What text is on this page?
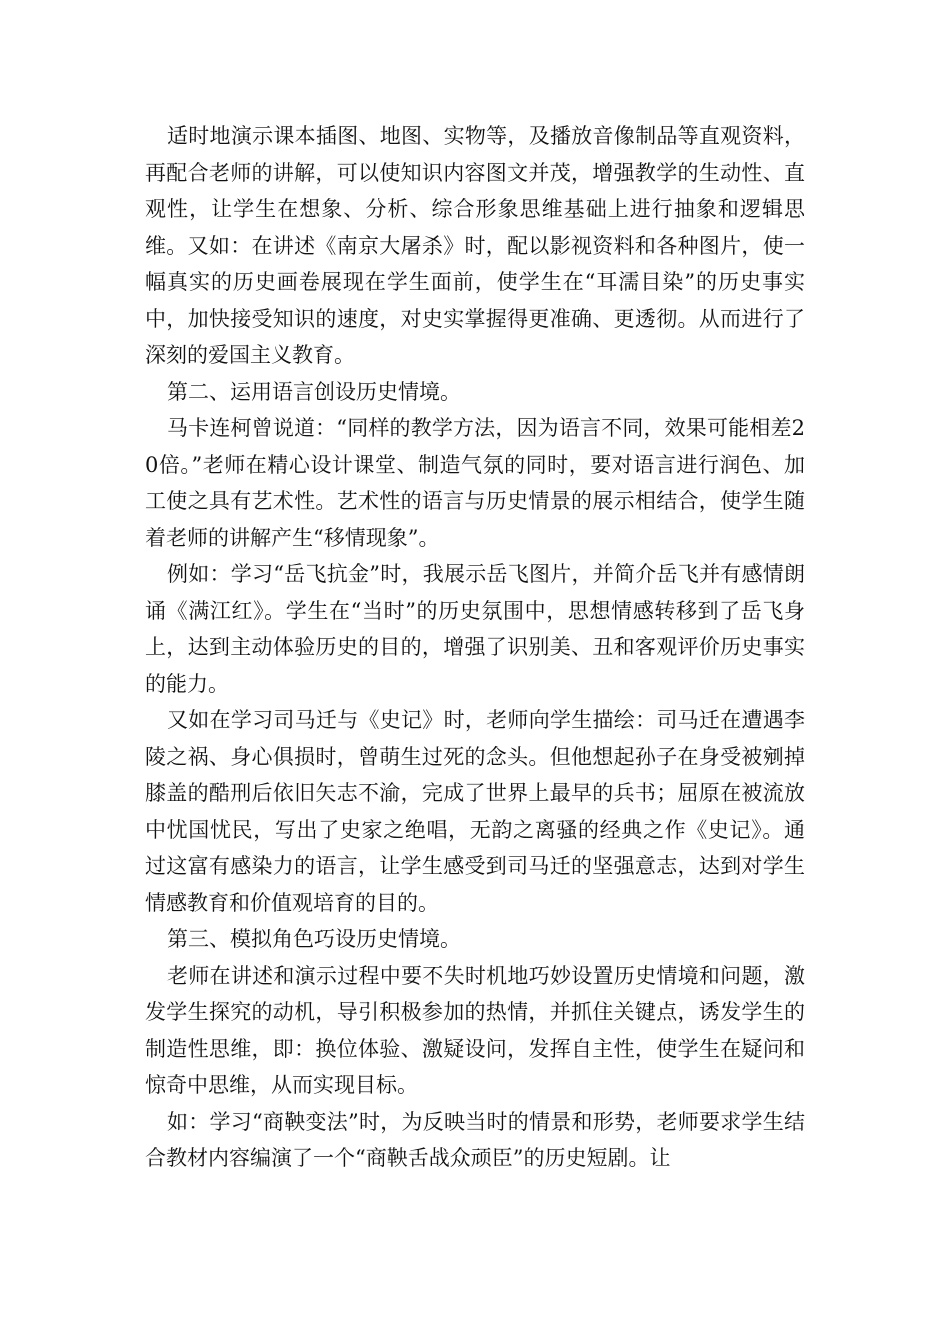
适时地演示课本插图、地图、实物等，及播放音像制品等直观资料，再配合老师的讲解，可以使知识内容图文并茂，增强教学的生动性、直观性，让学生在想象、分析、综合形象思维基础上进行抽象和逻辑思维。又如：在讲述《南京大屠杀》时，配以影视资料和各种图片，使一幅真实的历史画卷展现在学生面前，使学生在“耳濡目染”的历史事实中，加快接受知识的速度，对史实掌握得更准确、更透彻。从而进行了深刻的爱国主义教育。

第二、运用语言创设历史情境。

马卡连柯曾说道：“同样的教学方法，因为语言不同，效果可能相差20倍。”老师在精心设计课堂、制造气氛的同时，要对语言进行润色、加工使之具有艺术性。艺术性的语言与历史情景的展示相结合，使学生随着老师的讲解产生“移情现象”。

例如：学习“岳飞抗金”时，我展示岳飞图片，并简介岳飞并有感情朗诵《满江红》。学生在“当时”的历史氛围中，思想情感转移到了岳飞身上，达到主动体验历史的目的，增强了识别美、丑和客观评价历史事实的能力。

又如在学习司马迁与《史记》时，老师向学生描绘：司马迁在遭遇李陵之祸、身心俱损时，曾萌生过死的念头。但他想起孙子在身受被剜掉膝盖的酷刑后依旧矢志不渝，完成了世界上最早的兵书；屈原在被流放中忧国忧民，写出了史家之绝唱，无韵之离骚的经典之作《史记》。通过这富有感染力的语言，让学生感受到司马迁的坚强意志，达到对学生情感教育和价值观培育的目的。

第三、模拟角色巧设历史情境。

老师在讲述和演示过程中要不失时机地巧妙设置历史情境和问题，激发学生探究的动机，导引积极参加的热情，并抓住关键点，诱发学生的制造性思维，即：换位体验、激疑设问，发挥自主性，使学生在疑问和惊奇中思维，从而实现目标。

如：学习“商鞅变法”时，为反映当时的情景和形势，老师要求学生结合教材内容编演了一个“商鞅舌战众顽臣”的历史短剧。让
